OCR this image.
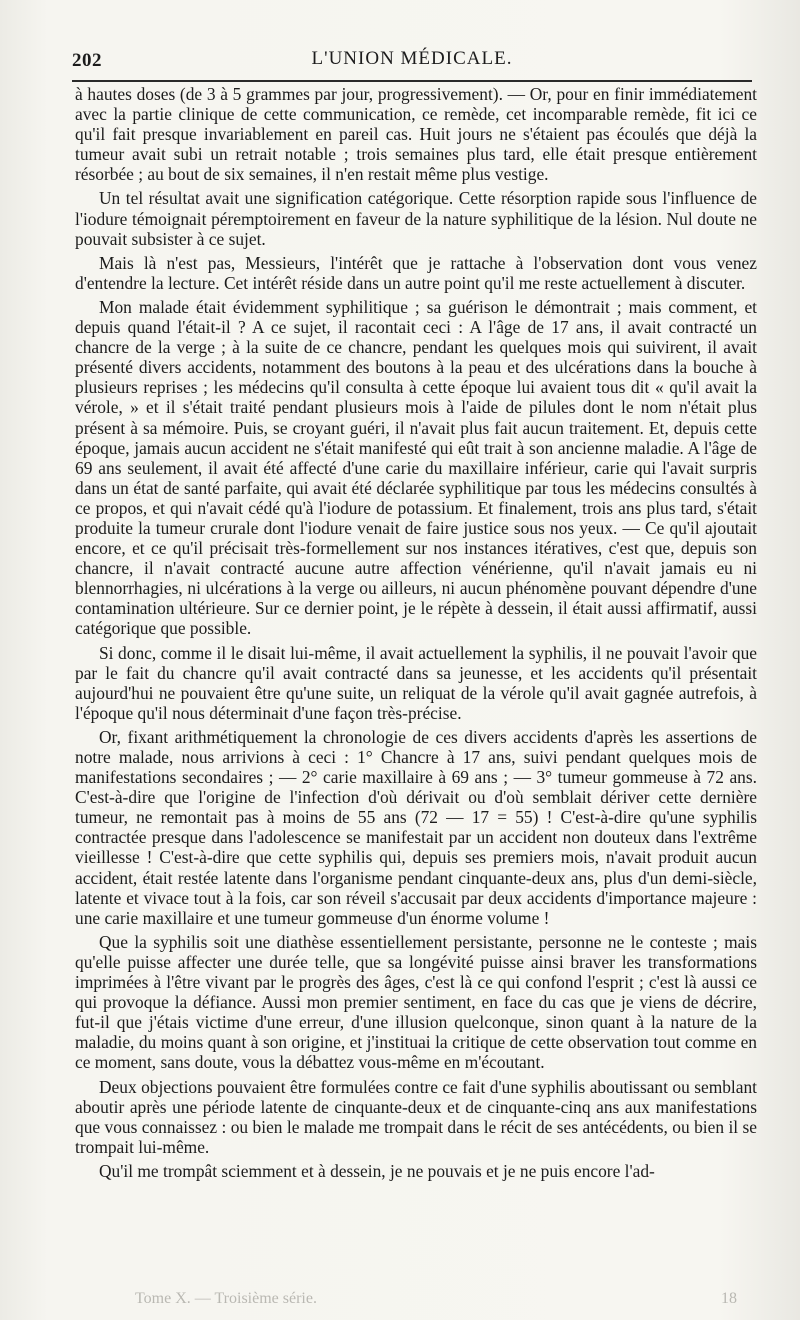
202	L'UNION MÉDICALE.

à hautes doses (de 3 à 5 grammes par jour, progressivement). — Or, pour en finir immédiatement avec la partie clinique de cette communication, ce remède, cet incomparable remède, fit ici ce qu'il fait presque invariablement en pareil cas. Huit jours ne s'étaient pas écoulés que déjà la tumeur avait subi un retrait notable ; trois semaines plus tard, elle était presque entièrement résorbée ; au bout de six semaines, il n'en restait même plus vestige.

Un tel résultat avait une signification catégorique. Cette résorption rapide sous l'influence de l'iodure témoignait péremptoirement en faveur de la nature syphilitique de la lésion. Nul doute ne pouvait subsister à ce sujet.

Mais là n'est pas, Messieurs, l'intérêt que je rattache à l'observation dont vous venez d'entendre la lecture. Cet intérêt réside dans un autre point qu'il me reste actuellement à discuter.

Mon malade était évidemment syphilitique ; sa guérison le démontrait ; mais comment, et depuis quand l'était-il ? A ce sujet, il racontait ceci : A l'âge de 17 ans, il avait contracté un chancre de la verge ; à la suite de ce chancre, pendant les quelques mois qui suivirent, il avait présenté divers accidents, notamment des boutons à la peau et des ulcérations dans la bouche à plusieurs reprises ; les médecins qu'il consulta à cette époque lui avaient tous dit « qu'il avait la vérole, » et il s'était traité pendant plusieurs mois à l'aide de pilules dont le nom n'était plus présent à sa mémoire. Puis, se croyant guéri, il n'avait plus fait aucun traitement. Et, depuis cette époque, jamais aucun accident ne s'était manifesté qui eût trait à son ancienne maladie. A l'âge de 69 ans seulement, il avait été affecté d'une carie du maxillaire inférieur, carie qui l'avait surpris dans un état de santé parfaite, qui avait été déclarée syphilitique par tous les médecins consultés à ce propos, et qui n'avait cédé qu'à l'iodure de potassium. Et finalement, trois ans plus tard, s'était produite la tumeur crurale dont l'iodure venait de faire justice sous nos yeux. — Ce qu'il ajoutait encore, et ce qu'il précisait très-formellement sur nos instances itératives, c'est que, depuis son chancre, il n'avait contracté aucune autre affection vénérienne, qu'il n'avait jamais eu ni blennorrhagies, ni ulcérations à la verge ou ailleurs, ni aucun phénomène pouvant dépendre d'une contamination ultérieure. Sur ce dernier point, je le répète à dessein, il était aussi affirmatif, aussi catégorique que possible.

Si donc, comme il le disait lui-même, il avait actuellement la syphilis, il ne pouvait l'avoir que par le fait du chancre qu'il avait contracté dans sa jeunesse, et les accidents qu'il présentait aujourd'hui ne pouvaient être qu'une suite, un reliquat de la vérole qu'il avait gagnée autrefois, à l'époque qu'il nous déterminait d'une façon très-précise.

Or, fixant arithmétiquement la chronologie de ces divers accidents d'après les assertions de notre malade, nous arrivions à ceci : 1° Chancre à 17 ans, suivi pendant quelques mois de manifestations secondaires ; — 2° carie maxillaire à 69 ans ; — 3° tumeur gommeuse à 72 ans. C'est-à-dire que l'origine de l'infection d'où dérivait ou d'où semblait dériver cette dernière tumeur, ne remontait pas à moins de 55 ans (72 — 17 = 55) ! C'est-à-dire qu'une syphilis contractée presque dans l'adolescence se manifestait par un accident non douteux dans l'extrême vieillesse ! C'est-à-dire que cette syphilis qui, depuis ses premiers mois, n'avait produit aucun accident, était restée latente dans l'organisme pendant cinquante-deux ans, plus d'un demi-siècle, latente et vivace tout à la fois, car son réveil s'accusait par deux accidents d'importance majeure : une carie maxillaire et une tumeur gommeuse d'un énorme volume !

Que la syphilis soit une diathèse essentiellement persistante, personne ne le conteste ; mais qu'elle puisse affecter une durée telle, que sa longévité puisse ainsi braver les transformations imprimées à l'être vivant par le progrès des âges, c'est là ce qui confond l'esprit ; c'est là aussi ce qui provoque la défiance. Aussi mon premier sentiment, en face du cas que je viens de décrire, fut-il que j'étais victime d'une erreur, d'une illusion quelconque, sinon quant à la nature de la maladie, du moins quant à son origine, et j'instituai la critique de cette observation tout comme en ce moment, sans doute, vous la débattez vous-même en m'écoutant.

Deux objections pouvaient être formulées contre ce fait d'une syphilis aboutissant ou semblant aboutir après une période latente de cinquante-deux et de cinquante-cinq ans aux manifestations que vous connaissez : ou bien le malade me trompait dans le récit de ses antécédents, ou bien il se trompait lui-même.

Qu'il me trompât sciemment et à dessein, je ne pouvais et je ne puis encore l'ad-

Tome X. — Troisième série.	18
